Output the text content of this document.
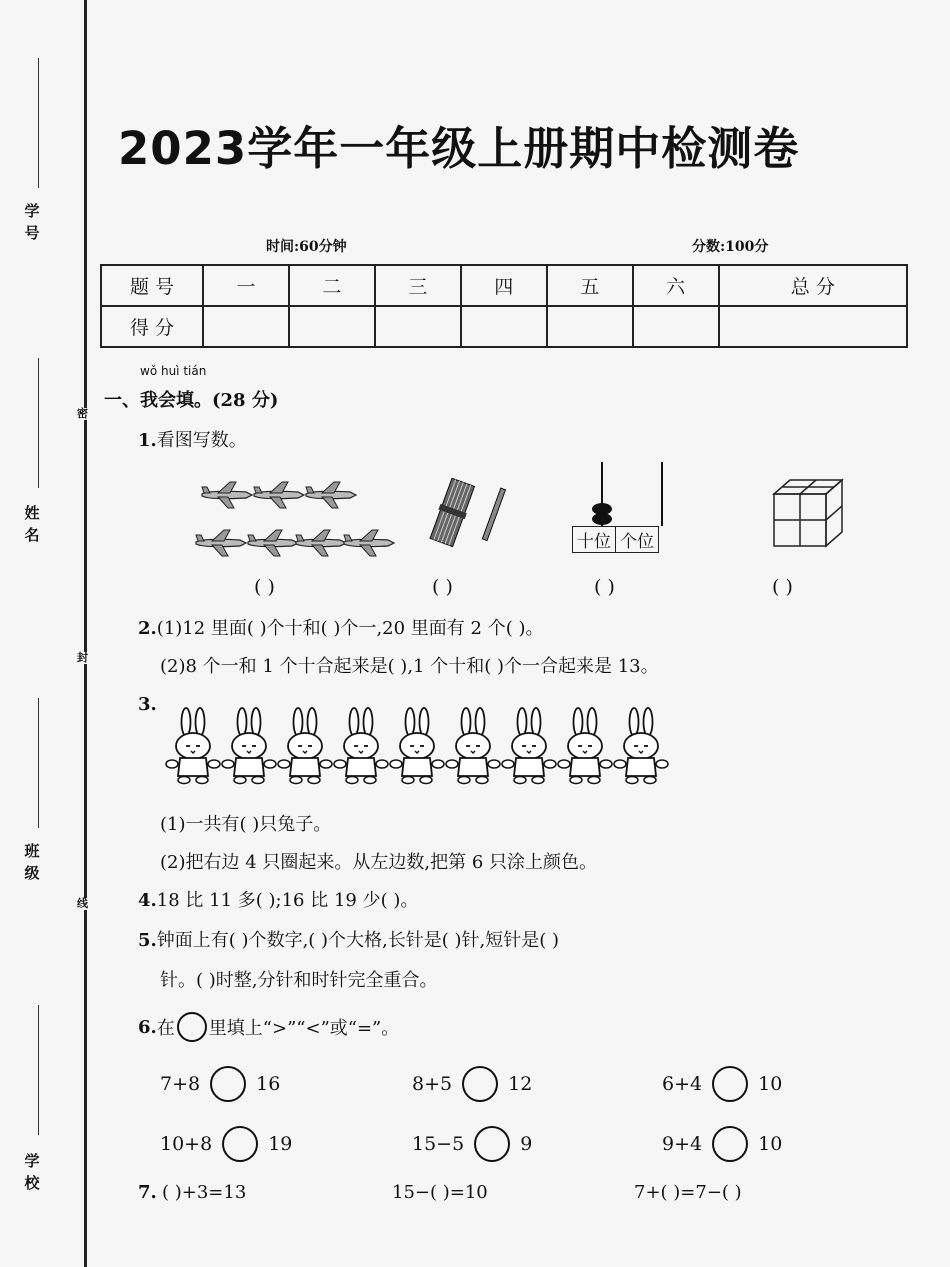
学 号
姓 名
班 级
学 校
密
封
线
2023学年一年级上册期中检测卷
时间:60分钟	分数:100分
题 号	一	二	三	四	五	六	总 分
得 分							
wǒ huì tián
一、我会填。(28 分)
1.看图写数。
十位 个位
( )	( )	( )	( )
2.(1)12 里面( )个十和( )个一,20 里面有 2 个( )。
(2)8 个一和 1 个十合起来是( ),1 个十和( )个一合起来是 13。
3.
(1)一共有( )只兔子。
(2)把右边 4 只圈起来。从左边数,把第 6 只涂上颜色。
4.18 比 11 多( );16 比 19 少( )。
5.钟面上有( )个数字,( )个大格,长针是( )针,短针是( )
针。( )时整,分针和时针完全重合。
6. 在 里填上“>”“<”或“=”。
7+8	16	8+5	12	6+4	10
10+8	19	15−5	9	9+4	10
7. ( )+3=13	15−( )=10	7+( )=7−( )
